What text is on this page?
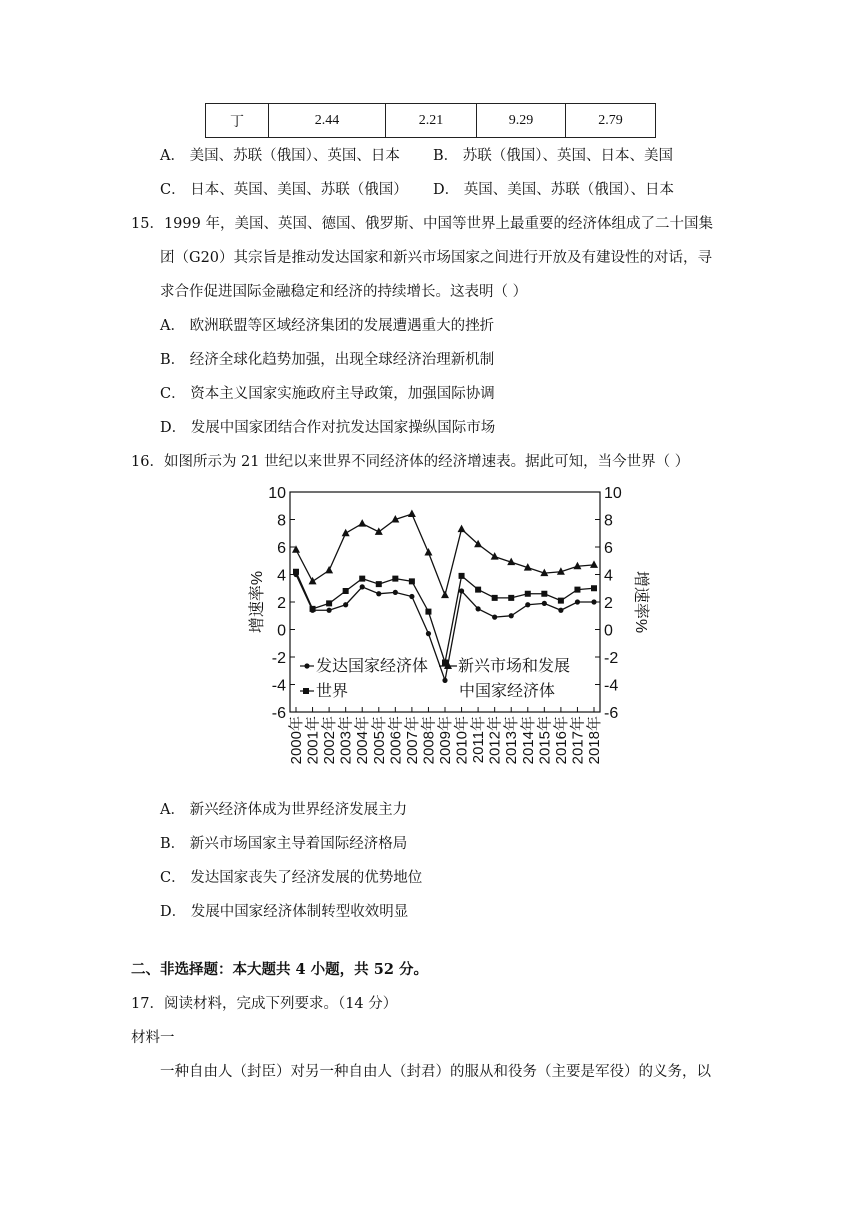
丁	2.44	2.21	9.29	2.79
A． 美国、苏联（俄国）、英国、日本 B． 苏联（俄国）、英国、日本、美国
C． 日本、英国、美国、苏联（俄国） D． 英国、美国、苏联（俄国）、日本
15．1999 年，美国、英国、德国、俄罗斯、中国等世界上最重要的经济体组成了二十国集
团（G20）其宗旨是推动发达国家和新兴市场国家之间进行开放及有建设性的对话，寻
求合作促进国际金融稳定和经济的持续增长。这表明（ ）
A． 欧洲联盟等区域经济集团的发展遭遇重大的挫折
B． 经济全球化趋势加强，出现全球经济治理新机制
C． 资本主义国家实施政府主导政策，加强国际协调
D． 发展中国家团结合作对抗发达国家操纵国际市场
16．如图所示为 21 世纪以来世界不同经济体的经济增速表。据此可知，当今世界（ ）
10	10
8	8
6	6
4	4
2	2
0	0
-2	-2
-4	-4
-6	-6
增速率%	增速率%
2000年 2001年 2002年 2003年 2004年 2005年 2006年 2007年 2008年 2009年 2010年 2011年 2012年 2013年 2014年 2015年 2016年 2017年 2018年
发达国家经济体 新兴市场和发展
中国家经济体
世界
A． 新兴经济体成为世界经济发展主力
B． 新兴市场国家主导着国际经济格局
C． 发达国家丧失了经济发展的优势地位
D． 发展中国家经济体制转型收效明显
二、非选择题：本大题共 4 小题，共 52 分。
17．阅读材料，完成下列要求。（14 分）
材料一
一种自由人（封臣）对另一种自由人（封君）的服从和役务（主要是军役）的义务，以
